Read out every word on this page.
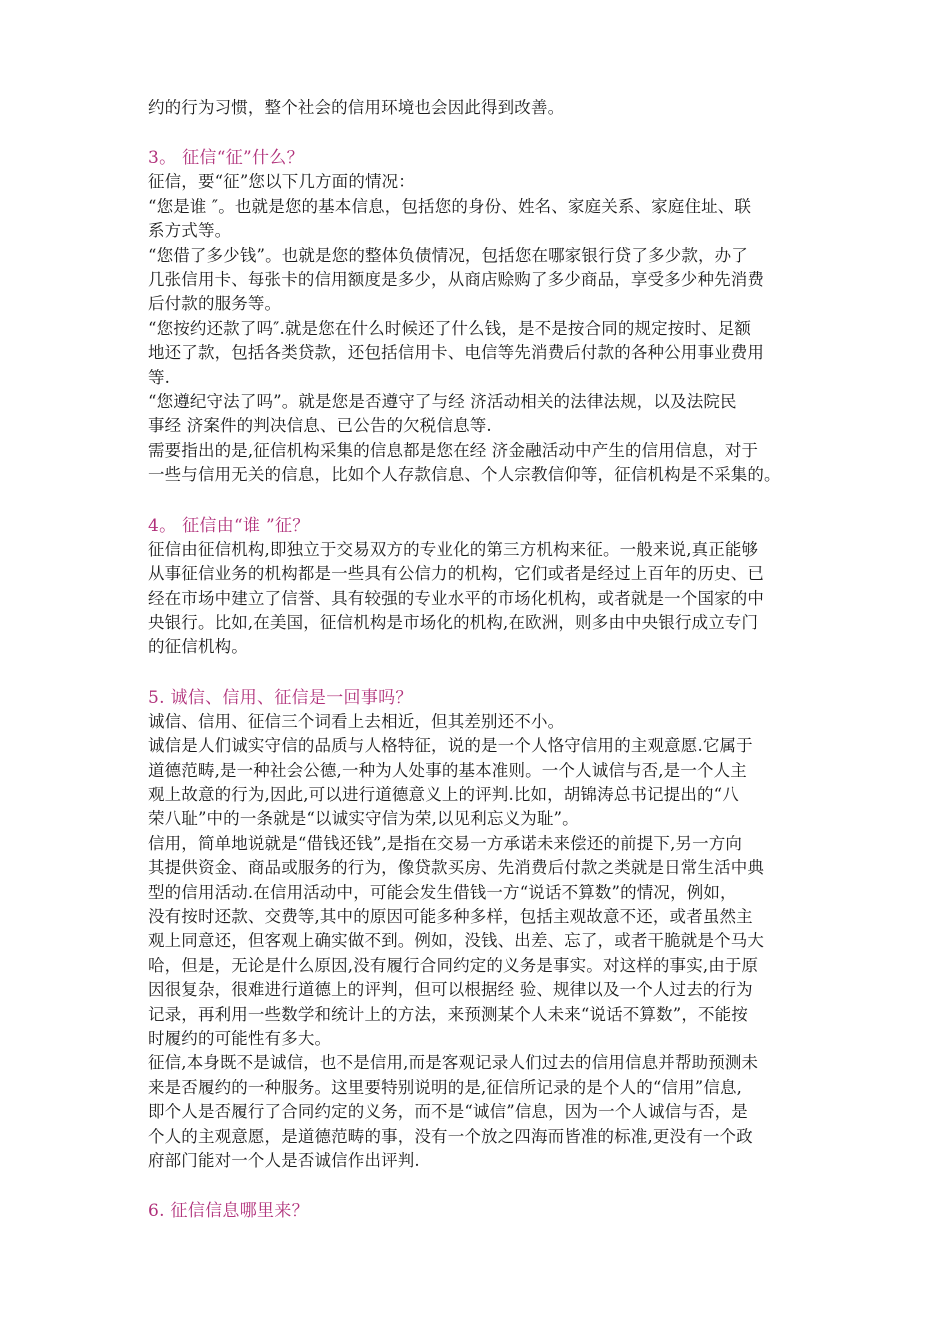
约的行为习惯，整个社会的信用环境也会因此得到改善。

3。 征信“征”什么？

征信，要“征”您以下几方面的情况：

“您是谁 ″。也就是您的基本信息，包括您的身份、姓名、家庭关系、家庭住址、联
系方式等。

“您借了多少钱”。也就是您的整体负债情况，包括您在哪家银行贷了多少款，办了
几张信用卡、每张卡的信用额度是多少，从商店赊购了多少商品，享受多少种先消费
后付款的服务等。

“您按约还款了吗″.就是您在什么时候还了什么钱，是不是按合同的规定按时、足额
地还了款，包括各类贷款，还包括信用卡、电信等先消费后付款的各种公用事业费用
等.

“您遵纪守法了吗”。就是您是否遵守了与经 济活动相关的法律法规，以及法院民
事经 济案件的判决信息、已公告的欠税信息等.

需要指出的是,征信机构采集的信息都是您在经 济金融活动中产生的信用信息，对于
一些与信用无关的信息，比如个人存款信息、个人宗教信仰等，征信机构是不采集的。

4。 征信由“谁 ”征？

征信由征信机构,即独立于交易双方的专业化的第三方机构来征。一般来说,真正能够
从事征信业务的机构都是一些具有公信力的机构，它们或者是经过上百年的历史、已
经在市场中建立了信誉、具有较强的专业水平的市场化机构，或者就是一个国家的中
央银行。比如,在美国，征信机构是市场化的机构,在欧洲，则多由中央银行成立专门
的征信机构。

5. 诚信、信用、征信是一回事吗？

诚信、信用、征信三个词看上去相近，但其差别还不小。

诚信是人们诚实守信的品质与人格特征，说的是一个人恪守信用的主观意愿.它属于
道德范畴,是一种社会公德,一种为人处事的基本准则。一个人诚信与否,是一个人主
观上故意的行为,因此,可以进行道德意义上的评判.比如，胡锦涛总书记提出的“八
荣八耻”中的一条就是“以诚实守信为荣,以见利忘义为耻”。

信用，简单地说就是“借钱还钱”,是指在交易一方承诺未来偿还的前提下,另一方向
其提供资金、商品或服务的行为，像贷款买房、先消费后付款之类就是日常生活中典
型的信用活动.在信用活动中，可能会发生借钱一方“说话不算数”的情况，例如，
没有按时还款、交费等,其中的原因可能多种多样，包括主观故意不还，或者虽然主
观上同意还，但客观上确实做不到。例如，没钱、出差、忘了，或者干脆就是个马大
哈，但是，无论是什么原因,没有履行合同约定的义务是事实。对这样的事实,由于原
因很复杂，很难进行道德上的评判，但可以根据经 验、规律以及一个人过去的行为
记录，再利用一些数学和统计上的方法，来预测某个人未来“说话不算数”，不能按
时履约的可能性有多大。

征信,本身既不是诚信，也不是信用,而是客观记录人们过去的信用信息并帮助预测未
来是否履约的一种服务。这里要特别说明的是,征信所记录的是个人的“信用”信息,
即个人是否履行了合同约定的义务，而不是“诚信”信息，因为一个人诚信与否，是
个人的主观意愿，是道德范畴的事，没有一个放之四海而皆准的标准,更没有一个政
府部门能对一个人是否诚信作出评判.

6. 征信信息哪里来？
